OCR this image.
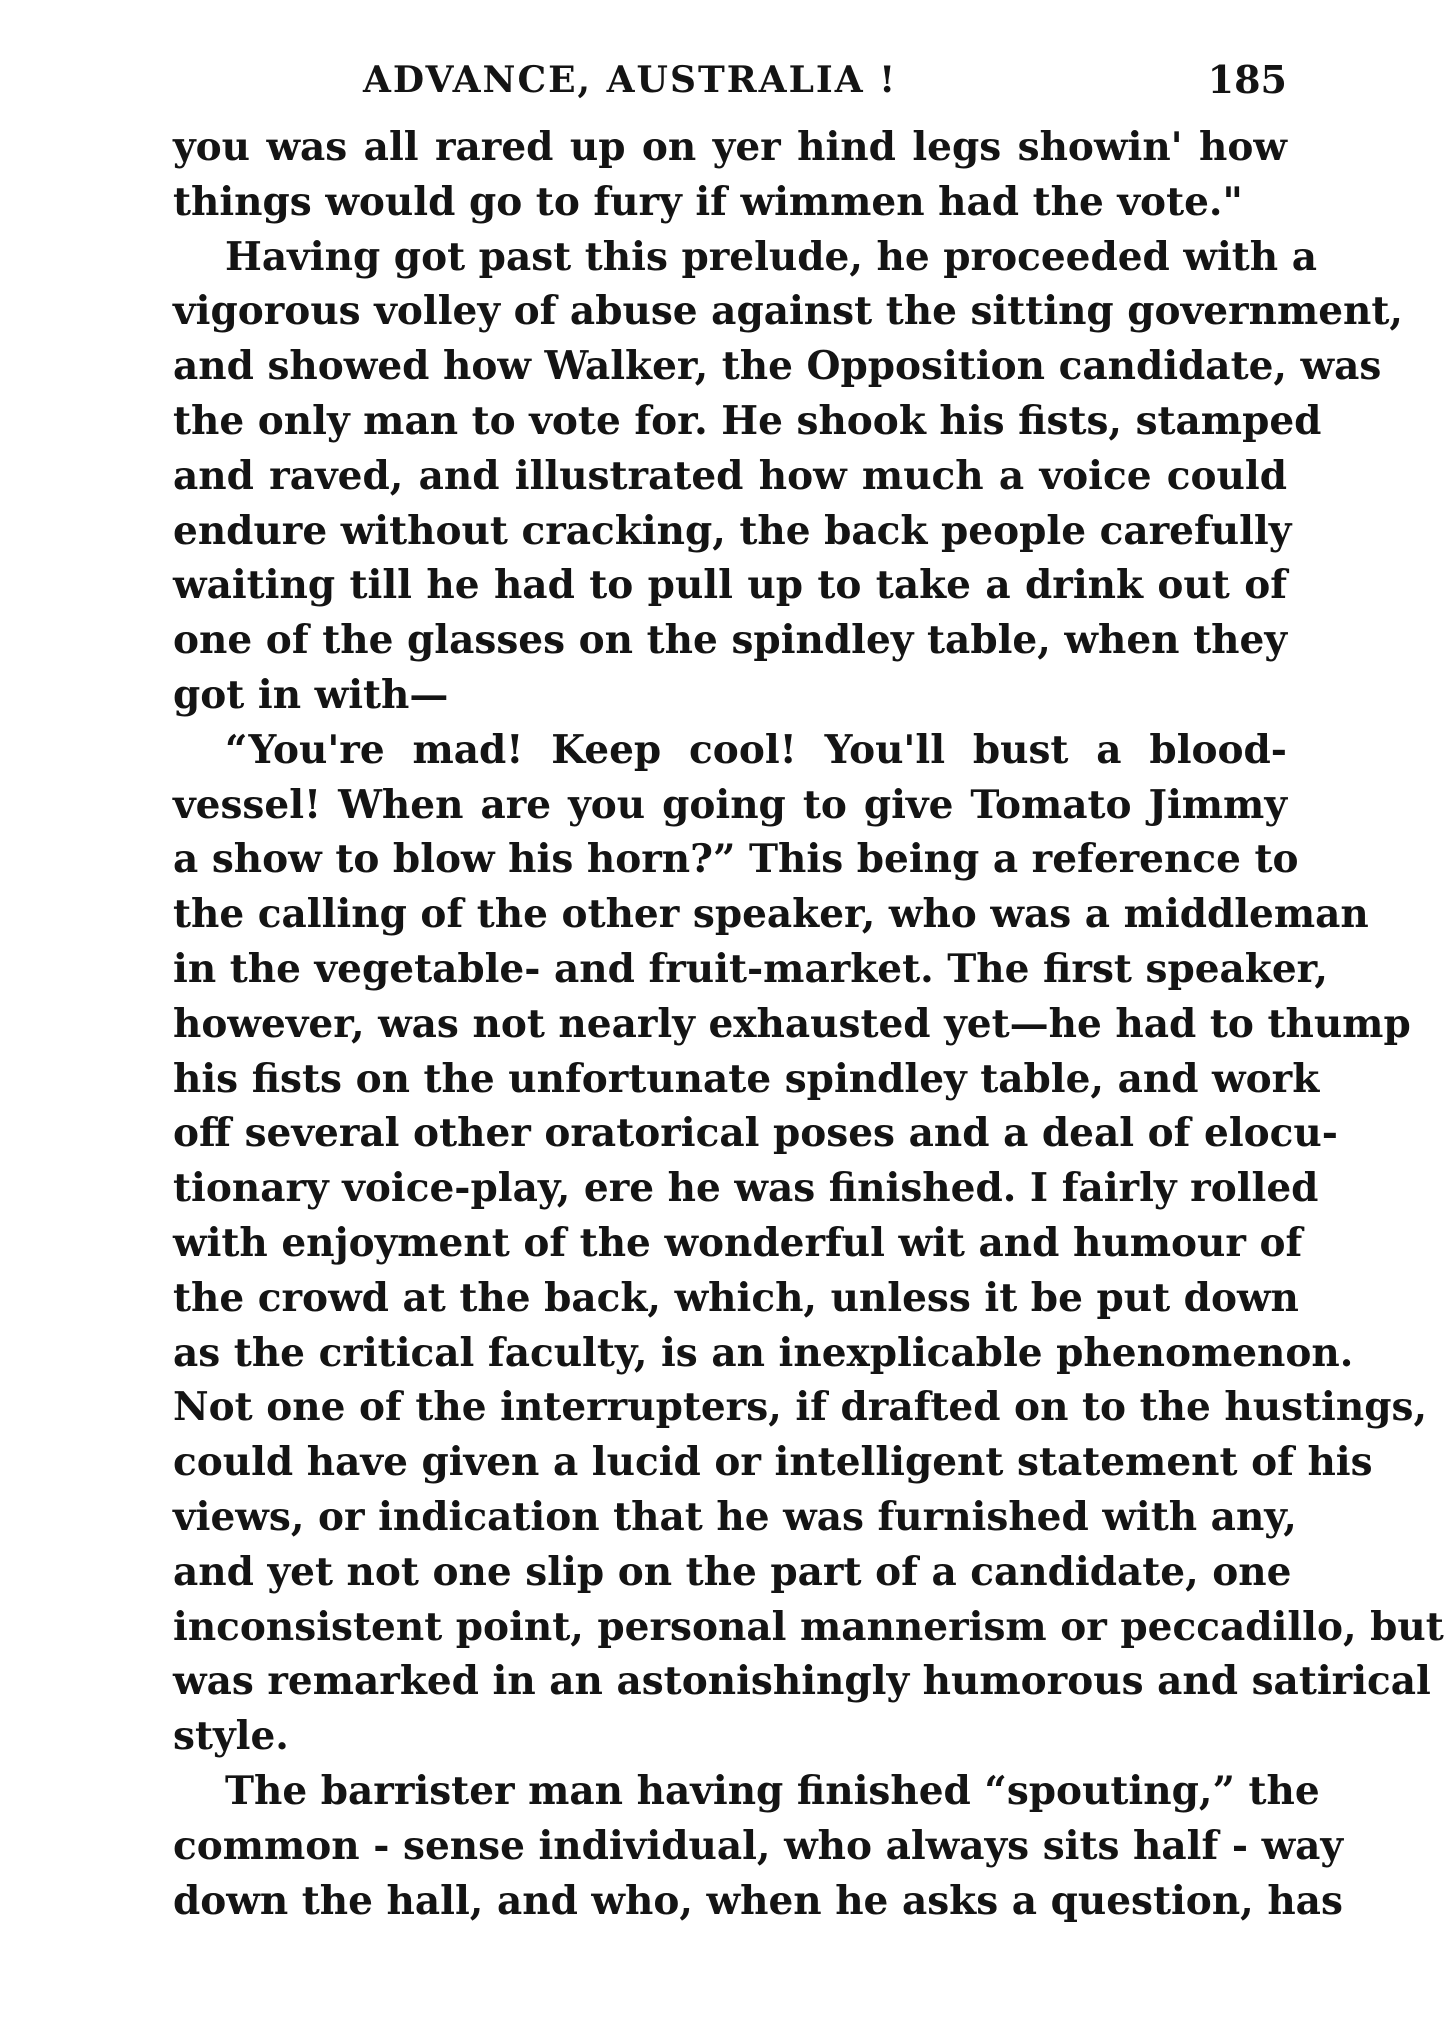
ADVANCE, AUSTRALIA !	185
you was all rared up on yer hind legs showin' how
things would go to fury if wimmen had the vote."
Having got past this prelude, he proceeded with a
vigorous volley of abuse against the sitting government,
and showed how Walker, the Opposition candidate, was
the only man to vote for. He shook his fists, stamped
and raved, and illustrated how much a voice could
endure without cracking, the back people carefully
waiting till he had to pull up to take a drink out of
one of the glasses on the spindley table, when they
got in with—
“You're mad! Keep cool! You'll bust a blood-
vessel! When are you going to give Tomato Jimmy
a show to blow his horn?” This being a reference to
the calling of the other speaker, who was a middleman
in the vegetable- and fruit-market. The first speaker,
however, was not nearly exhausted yet—he had to thump
his fists on the unfortunate spindley table, and work
off several other oratorical poses and a deal of elocu-
tionary voice-play, ere he was finished. I fairly rolled
with enjoyment of the wonderful wit and humour of
the crowd at the back, which, unless it be put down
as the critical faculty, is an inexplicable phenomenon.
Not one of the interrupters, if drafted on to the hustings,
could have given a lucid or intelligent statement of his
views, or indication that he was furnished with any,
and yet not one slip on the part of a candidate, one
inconsistent point, personal mannerism or peccadillo, but
was remarked in an astonishingly humorous and satirical
style.
The barrister man having finished “spouting,” the
common - sense individual, who always sits half - way
down the hall, and who, when he asks a question, has
